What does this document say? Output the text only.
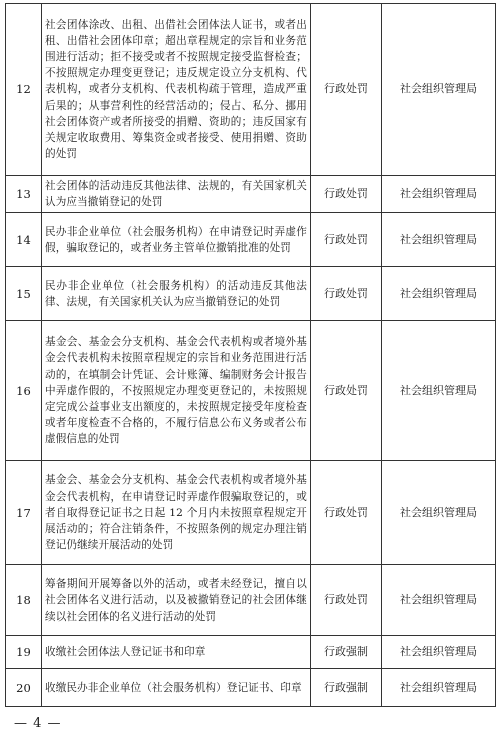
12	社会团体涂改、出租、出借社会团体法人证书，或者出租、出借社会团体印章；超出章程规定的宗旨和业务范围进行活动；拒不接受或者不按照规定接受监督检查；不按照规定办理变更登记；违反规定设立分支机构、代表机构，或者分支机构、代表机构疏于管理，造成严重后果的；从事营利性的经营活动的；侵占、私分、挪用社会团体资产或者所接受的捐赠、资助的；违反国家有关规定收取费用、筹集资金或者接受、使用捐赠、资助的处罚	行政处罚	社会组织管理局
13	社会团体的活动违反其他法律、法规的，有关国家机关认为应当撤销登记的处罚	行政处罚	社会组织管理局
14	民办非企业单位（社会服务机构）在申请登记时弄虚作假，骗取登记的，或者业务主管单位撤销批准的处罚	行政处罚	社会组织管理局
15	民办非企业单位（社会服务机构）的活动违反其他法律、法规，有关国家机关认为应当撤销登记的处罚	行政处罚	社会组织管理局
16	基金会、基金会分支机构、基金会代表机构或者境外基金会代表机构未按照章程规定的宗旨和业务范围进行活动的，在填制会计凭证、会计账簿、编制财务会计报告中弄虚作假的，不按照规定办理变更登记的，未按照规定完成公益事业支出额度的，未按照规定接受年度检查或者年度检查不合格的，不履行信息公布义务或者公布虚假信息的处罚	行政处罚	社会组织管理局
17	基金会、基金会分支机构、基金会代表机构或者境外基金会代表机构，在申请登记时弄虚作假骗取登记的，或者自取得登记证书之日起 12 个月内未按照章程规定开展活动的；符合注销条件，不按照条例的规定办理注销登记仍继续开展活动的处罚	行政处罚	社会组织管理局
18	筹备期间开展筹备以外的活动，或者未经登记，擅自以社会团体名义进行活动，以及被撤销登记的社会团体继续以社会团体的名义进行活动的处罚	行政处罚	社会组织管理局
19	收缴社会团体法人登记证书和印章	行政强制	社会组织管理局
20	收缴民办非企业单位（社会服务机构）登记证书、印章	行政强制	社会组织管理局
— 4 —
